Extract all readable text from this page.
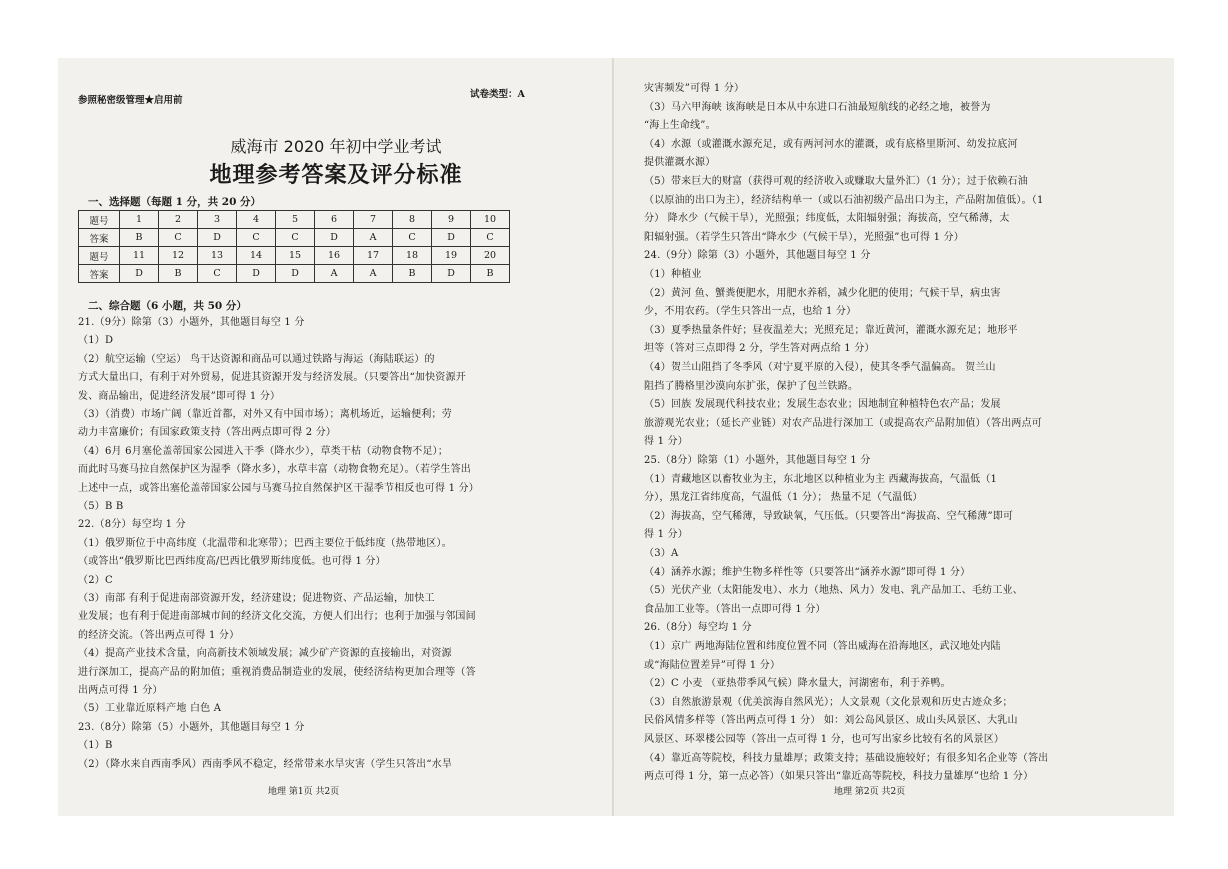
参照秘密级管理★启用前
试卷类型：A
威海市 2020 年初中学业考试
地理参考答案及评分标准
一、选择题（每题 1 分，共 20 分）
题号	1	2	3	4	5	6	7	8	9	10
答案	B	C	D	C	C	D	A	C	D	C
题号	11	12	13	14	15	16	17	18	19	20
答案	D	B	C	D	D	A	A	B	D	B
二、综合题（6 小题，共 50 分）
21.（9分）除第（3）小题外，其他题目每空 1 分
（1）D
（2）航空运输（空运） 鸟干达资源和商品可以通过铁路与海运（海陆联运）的
方式大量出口，有利于对外贸易，促进其资源开发与经济发展。（只要答出“加快资源开
发、商品输出，促进经济发展”即可得 1 分）
（3）（消费）市场广阔（靠近首都，对外又有中国市场）；离机场近，运输便利；劳
动力丰富廉价；有国家政策支持（答出两点即可得 2 分）
（4）6月 6月塞伦盖蒂国家公园进入干季（降水少），草类干枯（动物食物不足）；
而此时马赛马拉自然保护区为湿季（降水多），水草丰富（动物食物充足）。（若学生答出
上述中一点，或答出塞伦盖蒂国家公园与马赛马拉自然保护区干湿季节相反也可得 1 分）
（5）B B
22.（8分）每空均 1 分
（1）俄罗斯位于中高纬度（北温带和北寒带）；巴西主要位于低纬度（热带地区）。
（或答出“俄罗斯比巴西纬度高/巴西比俄罗斯纬度低。也可得 1 分）
（2）C
（3）南部 有利于促进南部资源开发，经济建设；促进物资、产品运输，加快工
业发展；也有利于促进南部城市间的经济文化交流，方便人们出行；也利于加强与邻国间
的经济交流。（答出两点可得 1 分）
（4）提高产业技术含量，向高新技术领域发展；减少矿产资源的直接输出，对资源
进行深加工，提高产品的附加值；重视消费品制造业的发展，使经济结构更加合理等（答
出两点可得 1 分）
（5）工业靠近原料产地 白色 A
23.（8分）除第（5）小题外，其他题目每空 1 分
（1）B
（2）（降水来自西南季风）西南季风不稳定，经常带来水旱灾害（学生只答出“水旱
地理 第1页 共2页
灾害频发”可得 1 分）
（3）马六甲海峡 该海峡是日本从中东进口石油最短航线的必经之地，被誉为
“海上生命线”。
（4）水源（或灌溉水源充足，或有两河河水的灌溉，或有底格里斯河、幼发拉底河
提供灌溉水源）
（5）带来巨大的财富（获得可观的经济收入或赚取大量外汇）（1 分）；过于依赖石油
（以原油的出口为主），经济结构单一（或以石油初级产品出口为主，产品附加值低）。（1
分） 降水少（气候干旱），光照强；纬度低，太阳辐射强；海拔高，空气稀薄，太
阳辐射强。（若学生只答出“降水少（气候干旱），光照强”也可得 1 分）
24.（9分）除第（3）小题外，其他题目每空 1 分
（1）种植业
（2）黄河 鱼、蟹粪便肥水，用肥水养稻，减少化肥的使用；气候干旱，病虫害
少，不用农药。（学生只答出一点，也给 1 分）
（3）夏季热量条件好；昼夜温差大；光照充足；靠近黄河，灌溉水源充足；地形平
坦等（答对三点即得 2 分，学生答对两点给 1 分）
（4）贺兰山阻挡了冬季风（对宁夏平原的入侵），使其冬季气温偏高。 贺兰山
阻挡了腾格里沙漠向东扩张，保护了包兰铁路。
（5）回族 发展现代科技农业；发展生态农业；因地制宜种植特色农产品；发展
旅游观光农业；（延长产业链）对农产品进行深加工（或提高农产品附加值）（答出两点可
得 1 分）
25.（8分）除第（1）小题外，其他题目每空 1 分
（1）青藏地区以畜牧业为主，东北地区以种植业为主 西藏海拔高，气温低（1
分），黑龙江省纬度高，气温低（1 分）； 热量不足（气温低）
（2）海拔高，空气稀薄，导致缺氧，气压低。（只要答出“海拔高、空气稀薄”即可
得 1 分）
（3）A
（4）涵养水源；维护生物多样性等（只要答出“涵养水源”即可得 1 分）
（5）光伏产业（太阳能发电）、水力（地热、风力）发电、乳产品加工、毛纺工业、
食品加工业等。（答出一点即可得 1 分）
26.（8分）每空均 1 分
（1）京广 两地海陆位置和纬度位置不同（答出威海在沿海地区，武汉地处内陆
或“海陆位置差异”可得 1 分）
（2）C 小麦 （亚热带季风气候）降水量大，河湖密布，利于养鸭。
（3）自然旅游景观（优美滨海自然风光）；人文景观（文化景观和历史古迹众多；
民俗风情多样等（答出两点可得 1 分） 如：刘公岛风景区、成山头风景区、大乳山
风景区、环翠楼公园等（答出一点可得 1 分，也可写出家乡比较有名的风景区）
（4）靠近高等院校，科技力量雄厚；政策支持；基础设施较好；有很多知名企业等（答出
两点可得 1 分，第一点必答）（如果只答出“靠近高等院校，科技力量雄厚”也给 1 分）
地理 第2页 共2页
